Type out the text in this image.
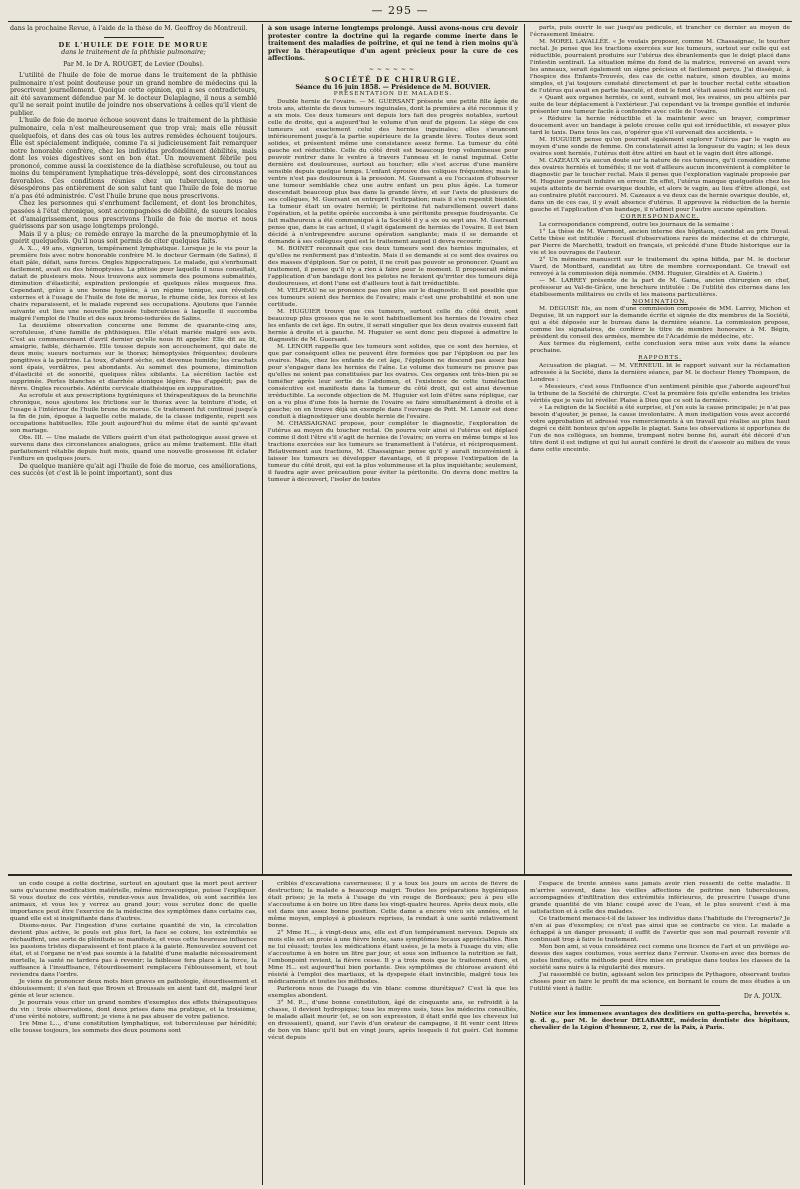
— 295 —

dans la prochaine Revue, à l'aide de la thèse de M. Geoffroy de Montreuil.

DE L'HUILE DE FOIE DE MORUE

dans le traitement de la phthisie pulmonaire;

Par M. le Dr A. ROUGET, de Levier (Doubs).

L'utilité de l'huile de foie de morue dans le traitement de la phthisie pulmonaire n'est point douteuse pour un grand nombre de médecins qui la prescrivent journellement. Quoique cette opinion, qui a ses contradicteurs, ait été savamment défendue par M. le docteur Delaplagne, il nous a semblé qu'il ne serait point inutile de joindre nos observations à celles qu'il vient de publier.

L'huile de foie de morue échoue souvent dans le traitement de la phthisie pulmonaire, cela n'est malheureusement que trop vrai; mais elle réussit quelquefois, et dans des cas où tous les autres remèdes échouent toujours. Elle est spécialement indiquée, comme l'a si judicieusement fait remarquer notre honorable confrère, chez les individus profondément débilités, mais dont les voies digestives sont en bon état. Un mouvement fébrile peu prononcé, comme aussi la coexistence de la diathèse scrofuleuse, ou tout au moins du tempérament lymphatique très-développé, sont des circonstances favorables. Ces conditions réunies chez un tuberculeux, nous ne désespérons pas entièrement de son salut tant que l'huile de foie de morue n'a pas été administrée. C'est l'huile brune que nous prescrivons.

Chez les personnes qui s'enrhument facilement, et dont les bronchites, passées à l'état chronique, sont accompagnées de débilité, de sueurs locales et d'amaigrissement, nous prescrivons l'huile de foie de morue et nous guérissons par son usage longtemps prolongé.

Mais il y a plus; ce remède enraye la marche de la pneumophymie et la guérit quelquefois. Qu'il nous soit permis de citer quelques faits.

A. X..., 49 ans, vigneron, tempérament lymphatique. Lorsque je le vis pour la première fois avec notre honorable confrère M. le docteur Germain (de Salins), il était pâle, défait, sans forces. Ongles hippocratiques. Le malade, qui s'enrhumait facilement, avait eu des hémoptysies. La phtisie pour laquelle il nous consultait, datait de plusieurs mois. Nous trouvons aux sommets des poumons submatités, diminution d'élasticité, expiration prolongée et quelques râles muqueux fins. Cependant, grâce à une bonne hygiène, à un régime tonique, aux révulsifs externes et à l'usage de l'huile de foie de morue, le rhume cède, les forces et les chairs reparaissent, et le malade reprend ses occupations. Ajoutons que l'année suivante eut lieu une nouvelle poussée tuberculeuse à laquelle il succomba malgré l'emploi de l'huile et des eaux bromo-iodurées de Salins.

La deuxième observation concerne une femme de quarante-cinq ans, scrofuleuse, d'une famille de phthisiques. Elle s'était mariée malgré ses avis. C'est au commencement d'avril dernier qu'elle nous fit appeler. Elle dit au lit, amaigrie, faible, décharnée. Elle tousse depuis son accouchement, qui date de deux mois; sueurs nocturnes sur le thorax; hémoptysies fréquentes; douleurs pongitives à la poitrine. La toux, d'abord sèche, est devenue humide; les crachats sont épais, verdâtres, peu abondants. Au sommet des poumons, diminution d'élasticité et de sonorité, quelques râles sibilants. La sécrétion lactée est supprimée. Pertes blanches et diarrhée atonique légère. Pas d'appétit; pas de fièvre. Ongles recourbés. Adénite cervicale diathésique en suppuration.

Au scrofule et aux prescriptions hygiéniques et thérapeutiques de la bronchite chronique, nous ajoutons les frictions sur le thorax avec la teinture d'iode, et l'usage à l'intérieur de l'huile brune de morue. Ce traitement fut continué jusqu'à la fin de juin, époque à laquelle cette malade, de la classe indigente, reprit ses occupations habituelles. Elle jouit aujourd'hui du même état de santé qu'avant son mariage.

Obs. III. — Une malade de Villers guérit d'un état pathologique aussi grave et survenu dans des circonstances analogues, grâce au même traitement. Elle était parfaitement rétablie depuis huit mois, quand une nouvelle grossesse fit éclater l'enflure en quelques jours.

De quelque manière qu'ait agi l'huile de foie de morue, ces améliorations, ces succès (et c'est là le point important), sont dus

à son usage interne longtemps prolongé. Aussi avons-nous cru devoir protester contre la doctrine qui la regarde comme inerte dans le traitement des maladies de poitrine, et qui ne tend à rien moins qu'à priver la thérapeutique d'un agent précieux pour la cure de ces affections.

~~~~~~

SOCIÉTÉ DE CHIRURGIE.

Séance du 16 juin 1858. — Présidence de M. BOUVIER.

PRÉSENTATION DE MALADES.

Double hernie de l'ovaire. — M. GUERSANT présente une petite fille âgée de trois ans, atteinte de deux tumeurs inguinales, dont la première a été reconnue il y a six mois. Ces deux tumeurs ont depuis lors fait des progrès notables, surtout celle de droite, qui a aujourd'hui le volume d'un œuf de pigeon. Le siège de ces tumeurs est exactement celui des hernies inguinales; elles s'avancent inférieurement jusqu'à la partie supérieure de la grande lèvre. Toutes deux sont solides, et présentent même une consistance assez ferme. La tumeur du côté gauche est réductible. Celle du côté droit est beaucoup trop volumineuse pour pouvoir rentrer dans le ventre à travers l'anneau et le canal inguinal. Cette dernière est douloureuse, surtout au toucher; elle s'est accrue d'une manière sensible depuis quelque temps. L'enfant éprouve des coliques fréquentes; mais le ventre n'est pas douloureux à la pression. M. Guersant a eu l'occasion d'observer une tumeur semblable chez une autre enfant un peu plus âgée. La tumeur descendait beaucoup plus bas dans la grande lèvre, et sur l'avis de plusieurs de ses collègues, M. Guersant en entreprit l'extirpation; mais il s'en repentit bientôt. La tumeur était un ovaire hernié; le péritoine fut naturellement ouvert dans l'opération, et la petite opérée succomba à une péritonite presque foudroyante. Ce fait malheureux a été communiqué à la Société il y a six ou sept ans. M. Guersant pense que, dans le cas actuel, il s'agit également de hernies de l'ovaire. Il est bien décidé à n'entreprendre aucune opération sanglante; mais il se demande et demande à ses collègues quel est le traitement auquel il devra recourir.

M. BOINET reconnaît que ces deux tumeurs sont des hernies inguinales, et qu'elles ne renferment pas d'intestin. Mais il se demande si ce sont des ovaires ou des masses d'épiploon. Sur ce point, il ne croit pas pouvoir se prononcer. Quant au traitement, il pense qu'il n'y a rien à faire pour le moment. Il proposerait même l'application d'un bandage dont les pelotes ne feraient qu'irriter des tumeurs déjà douloureuses, et dont l'une est d'ailleurs tout à fait irréductible.

M. VELPEAU ne se prononce pas non plus sur le diagnostic. Il est possible que ces tumeurs soient des hernies de l'ovaire; mais c'est une probabilité et non une certitude.

M. HUGUIER trouve que ces tumeurs, surtout celle du côté droit, sont beaucoup plus grosses que ne le sont habituellement les hernies de l'ovaire chez les enfants de cet âge. En outre, il serait singulier que les deux ovaires eussent fait hernie à droite et à gauche. M. Huguier se sent donc peu disposé à admettre le diagnostic de M. Guersant.

M. LENOIR rappelle que les tumeurs sont solides, que ce sont des hernies, et que par conséquent elles ne peuvent être formées que par l'épiploon ou par les ovaires. Mais, chez les enfants de cet âge, l'épiploon ne descend pas assez bas pour s'engager dans les hernies de l'aîne. Le volume des tumeurs ne prouve pas qu'elles ne soient pas constituées par les ovaires. Ces organes ont très-bien pu se tuméfier après leur sortie de l'abdomen, et l'existence de cette tuméfaction consécutive est manifeste dans la tumeur du côté droit, qui est ainsi devenue irréductible. La seconde objection de M. Huguier est loin d'être sans réplique, car on a vu plus d'une fois la hernie de l'ovaire se faire simultanément à droite et à gauche; on en trouve déjà un exemple dans l'ouvrage de Pott. M. Lenoir est donc conduit à diagnostiquer une double hernie de l'ovaire.

M. CHASSAIGNAC propose, pour compléter le diagnostic, l'exploration de l'utérus au moyen du toucher rectal. On pourra voir ainsi si l'utérus est déplacé comme il doit l'être s'il s'agit de hernies de l'ovaire; on verra en même temps si les tractions exercées sur les tumeurs se transmettent à l'utérus, et réciproquement. Relativement aux tractions, M. Chassaignac pense qu'il y aurait inconvénient à laisser les tumeurs se développer davantage, et il propose l'extirpation de la tumeur du côté droit, qui est la plus volumineuse et la plus inquiétante; seulement, il faudra agir avec précaution pour éviter la péritonite. On devra donc mettre la tumeur à découvert, l'isoler de toutes

parts, puis ouvrir le sac jusqu'au pédicule, et trancher ce dernier au moyen de l'écrasement linéaire.

M. MOREL LAVALLÉE. « Je voulais proposer, comme M. Chassaignac, le toucher rectal. Je pense que les tractions exercées sur les tumeurs, surtout sur celle qui est réductible, pourraient produire sur l'utérus des ébranlements que le doigt placé dans l'intestin sentirait. La situation même du fond de la matrice, renversé en avant vers les anneaux, serait également un signe précieux et facilement perçu. J'ai disséqué, à l'hospice des Enfants-Trouvés, des cas de cette nature, sinon doubles, au moins simples, et j'ai toujours constaté directement et par le toucher rectal cette situation de l'utérus qui avait en partie basculé, et dont le fond s'était aussi infléchi sur son col.

» Quant aux organes herniés, ce sont, suivant moi, les ovaires, un peu altérés par suite de leur déplacement à l'extérieur. J'ai cependant vu la trompe gonflée et indurée présenter une tumeur facile à confondre avec celle de l'ovaire.

» Réduire la hernie réductible et la maintenir avec un brayer, comprimer doucement avec un bandage à pelote creuse celle qui est irréductible, et essayer plus tard le taxis. Dans tous les cas, n'opérer que s'il survenait des accidents. »

M. HUGUIER pense qu'on pourrait également explorer l'utérus par le vagin au moyen d'une sonde de femme. On constaterait ainsi la longueur du vagin; si les deux ovaires sont herniés, l'utérus doit être attiré en haut et le vagin doit être allongé.

M. CAZEAUX n'a aucun doute sur la nature de ces tumeurs, qu'il considère comme des ovaires herniés et tuméfiés; il ne voit d'ailleurs aucun inconvénient à compléter le diagnostic par le toucher rectal. Mais il pense que l'exploration vaginale proposée par M. Huguier pourrait induire en erreur. En effet, l'utérus manque quelquefois chez les sujets atteints de hernie ovarique double, et alors le vagin, au lieu d'être allongé, est au contraire plutôt raccourci. M. Cazeaux a vu deux cas de hernie ovarique double, et, dans un de ces cas, il y avait absence d'utérus. Il approuve la réduction de la hernie gauche et l'application d'un bandage, il n'admet pour l'autre aucune opération.

CORRESPONDANCE.

La correspondance comprend, outre les journaux de la semaine :

1° La thèse de M. Warmont, ancien interne des hôpitaux, candidat au prix Duval. Cette thèse est intitulée : Recueil d'observations rares de médecine et de chirurgie, par Pierre de Marchetti, traduit en français, et précédé d'une Étude historique sur la vie et les ouvrages de l'auteur.

2° Un mémoire manuscrit sur le traitement du spina bifida, par M. le docteur Viard, de Montbard, candidat au titre de membre correspondant. Ce travail est renvoyé à la commission déjà nommée. (MM. Huguier, Giraldès et A. Guérin.)

— M. LARREY présente de la part de M. Gama, ancien chirurgien en chef, professeur au Val-de-Grâce, une brochure intitulée : De l'utilité des citernes dans les établissements militaires ou civils et les maisons particulières.

NOMINATION.

M. DEGUISE fils, au nom d'une commission composée de MM. Larrey, Michon et Deguise, lit un rapport sur la demande écrite et signée de dix membres de la Société, qui a été déposée sur le bureau dans la dernière séance. La commission propose, comme les signataires, de conférer le titre de membre honoraire à M. Bégin, président du conseil des armées, membre de l'Académie de médecine, etc.

Aux termes du règlement, cette conclusion sera mise aux voix dans la séance prochaine.

RAPPORTS.

Accusation de plagiat. — M. VERNEUIL lit le rapport suivant sur la réclamation adressée à la Société, dans la dernière séance, par M. le docteur Henry Thompson, de Londres :

« Messieurs, c'est sous l'influence d'un sentiment pénible que j'aborde aujourd'hui la tribune de la Société de chirurgie. C'est la première fois qu'elle entendra les tristes vérités que je vais lui révéler. Plaise à Dieu que ce soit la dernière.

» La religion de la Société a été surprise, et j'en suis la cause principale; je n'ai pas besoin d'ajouter, je pense, la cause involontaire. À mon instigation vous avez accordé votre approbation et adressé vos remerciements à un travail qui réalise au plus haut degré ce délit honteux qu'on appelle le plagiat. Sans les observations si opportunes de l'un de nos collègues, un homme, trompant notre bonne foi, aurait été décoré d'un titre dont il est indigne et qui lui aurait conféré le droit de s'asseoir au milieu de vous dans cette enceinte.

un code coupé à cette doctrine, surtout en ajoutant que la mort peut arriver sans qu'aucune modification matérielle, même microscopique, puisse l'expliquer. Si vous doutez de ces vérités, rendez-vous aux Invalides, où sont sacrifiés les animaux, et vous les y verrez au grand jour; vous scrutez donc de quelle importance peut être l'exercice de la médecine des symptômes dans certains cas, quand elle est si insignifiante dans d'autres.

Disons-nous. Par l'ingestion d'une certaine quantité de vin, la circulation devient plus active, le pouls est plus fort, la face se colore, les extrémités se réchauffent, une sorte de plénitude se manifeste, et vous cette heureuse influence les passions tristes disparaissent et font place à la gaieté. Renouvelez souvent cet état, et si l'organe ne n'est pas soumis à la fatalité d'une maladie nécessairement mortelle, la santé ne tardera pas à revenir; la faiblesse fera place à la force, la suffisance à l'insuffisance, l'étourdissement remplacera l'éblouissement, et tout reviendra dans l'ordre.

Je viens de prononcer deux mots bien graves en pathologie, étourdissement et éblouissement; il s'en faut que Brown et Broussais en aient tant dit, malgré leur génie et leur science.

Je pourrais vous citer un grand nombre d'exemples des effets thérapeutiques du vin : trois observations, dont deux prises dans ma pratique, et la troisième, d'une vérité notoire, suffiront; je viens à ne pas abuser de votre patience.

1re Mme L..., d'une constitution lymphatique, est tuberculeuse par hérédité; elle tousse toujours, les sommets des deux poumons sont

criblés d'excavations caverneuses; il y a toux les jours un accès de fièvre de destruction; la malade a beaucoup maigri. Toutes les préparations hygiéniques était prises; je la mets à l'usage du vin rouge de Bordeaux; peu à peu elle s'accoutume à en boire un litre dans les vingt-quatre heures. Après deux mois, elle est dans une assez bonne position. Cette dame a encore vécu six années, et le même moyen, employé à plusieurs reprises, la rendait à une santé relativement bonne.

2° Mme H..., à vingt-deux ans, elle est d'un tempérament nerveux. Depuis six mois elle est en proie à une fièvre lente, sans symptômes locaux appréciables. Rien ne lui réussit; toutes les médications étant usées, je la mets à l'usage du vin; elle s'accoutume à en boire un litre par jour, et sous son influence la nutrition se fait, l'embonpoint revient, la fièvre cesse. Il y a trois mois que le traitement dure, et Mme H... est aujourd'hui bien portante. Des symptômes de chlorose avaient été résisté à l'emploi des martiaux, et la dyspepsie était invincible, malgré tous les médicaments et toutes les méthodes.

Parlerons nous de l'usage du vin blanc comme diurétique? C'est là que les exemples abondent.

3° M. P..., d'une bonne constitution, âgé de cinquante ans, se refroidit à la chasse, il devient hydropique; tous les moyens usés, tous les médecins consultés, le malade allait mourir (et, se on son expression, il était enflé que les cheveux lui en dressaient), quand, sur l'avis d'un orateur de campagne, il fit venir cent litres de bon vin blanc qu'il but en vingt jours, après lesquels il fut guéri. Cet homme vécut depuis

l'espace de trente années sans jamais avoir rien ressenti de cette maladie. Il m'arrive souvent, dans les vieilles affections de poitrine non tuberculeuses, accompagnées d'infiltration des extrémités inférieures, de prescrire l'usage d'une grande quantité de vin blanc coupé avec de l'eau, et le plus souvent c'est à ma satisfaction et à celle des malades.

Ce traitement menace-t-il de laisser les individus dans l'habitude de l'ivrognerie? Je n'en ai pas d'exemples; ce n'est pas ainsi que se contracte ce vice. Le malade a échappé à un danger pressant; il suffit de l'avertir que son mal pourrait revenir s'il continuait trop à faire le traitement.

Mon bon ami, si vous considérez ceci comme une licence de l'art et un privilège au-dessus des sages coutumes, vous serriez dans l'erreur. Usons-en avec des bornes de justes limites, cette méthode peut être mise en pratique dans toutes les classes de la société sans nuire à la régularité des mœurs.

J'ai rassemblé ce butin, agissant selon les principes de Pythagore, observant toutes choses pour en faire le profit de ma science, en bornant le cours de mes études à un l'utilité vient à faillir.

Dr A. JOUX.

Notice sur les immenses avantages des deslitiers en gutta-percha, brevetés s. g. d. g., par M. le docteur DELABARRE, médecin dentiste des hôpitaux, chevalier de la Légion d'honneur, 2, rue de la Paix, à Paris.
